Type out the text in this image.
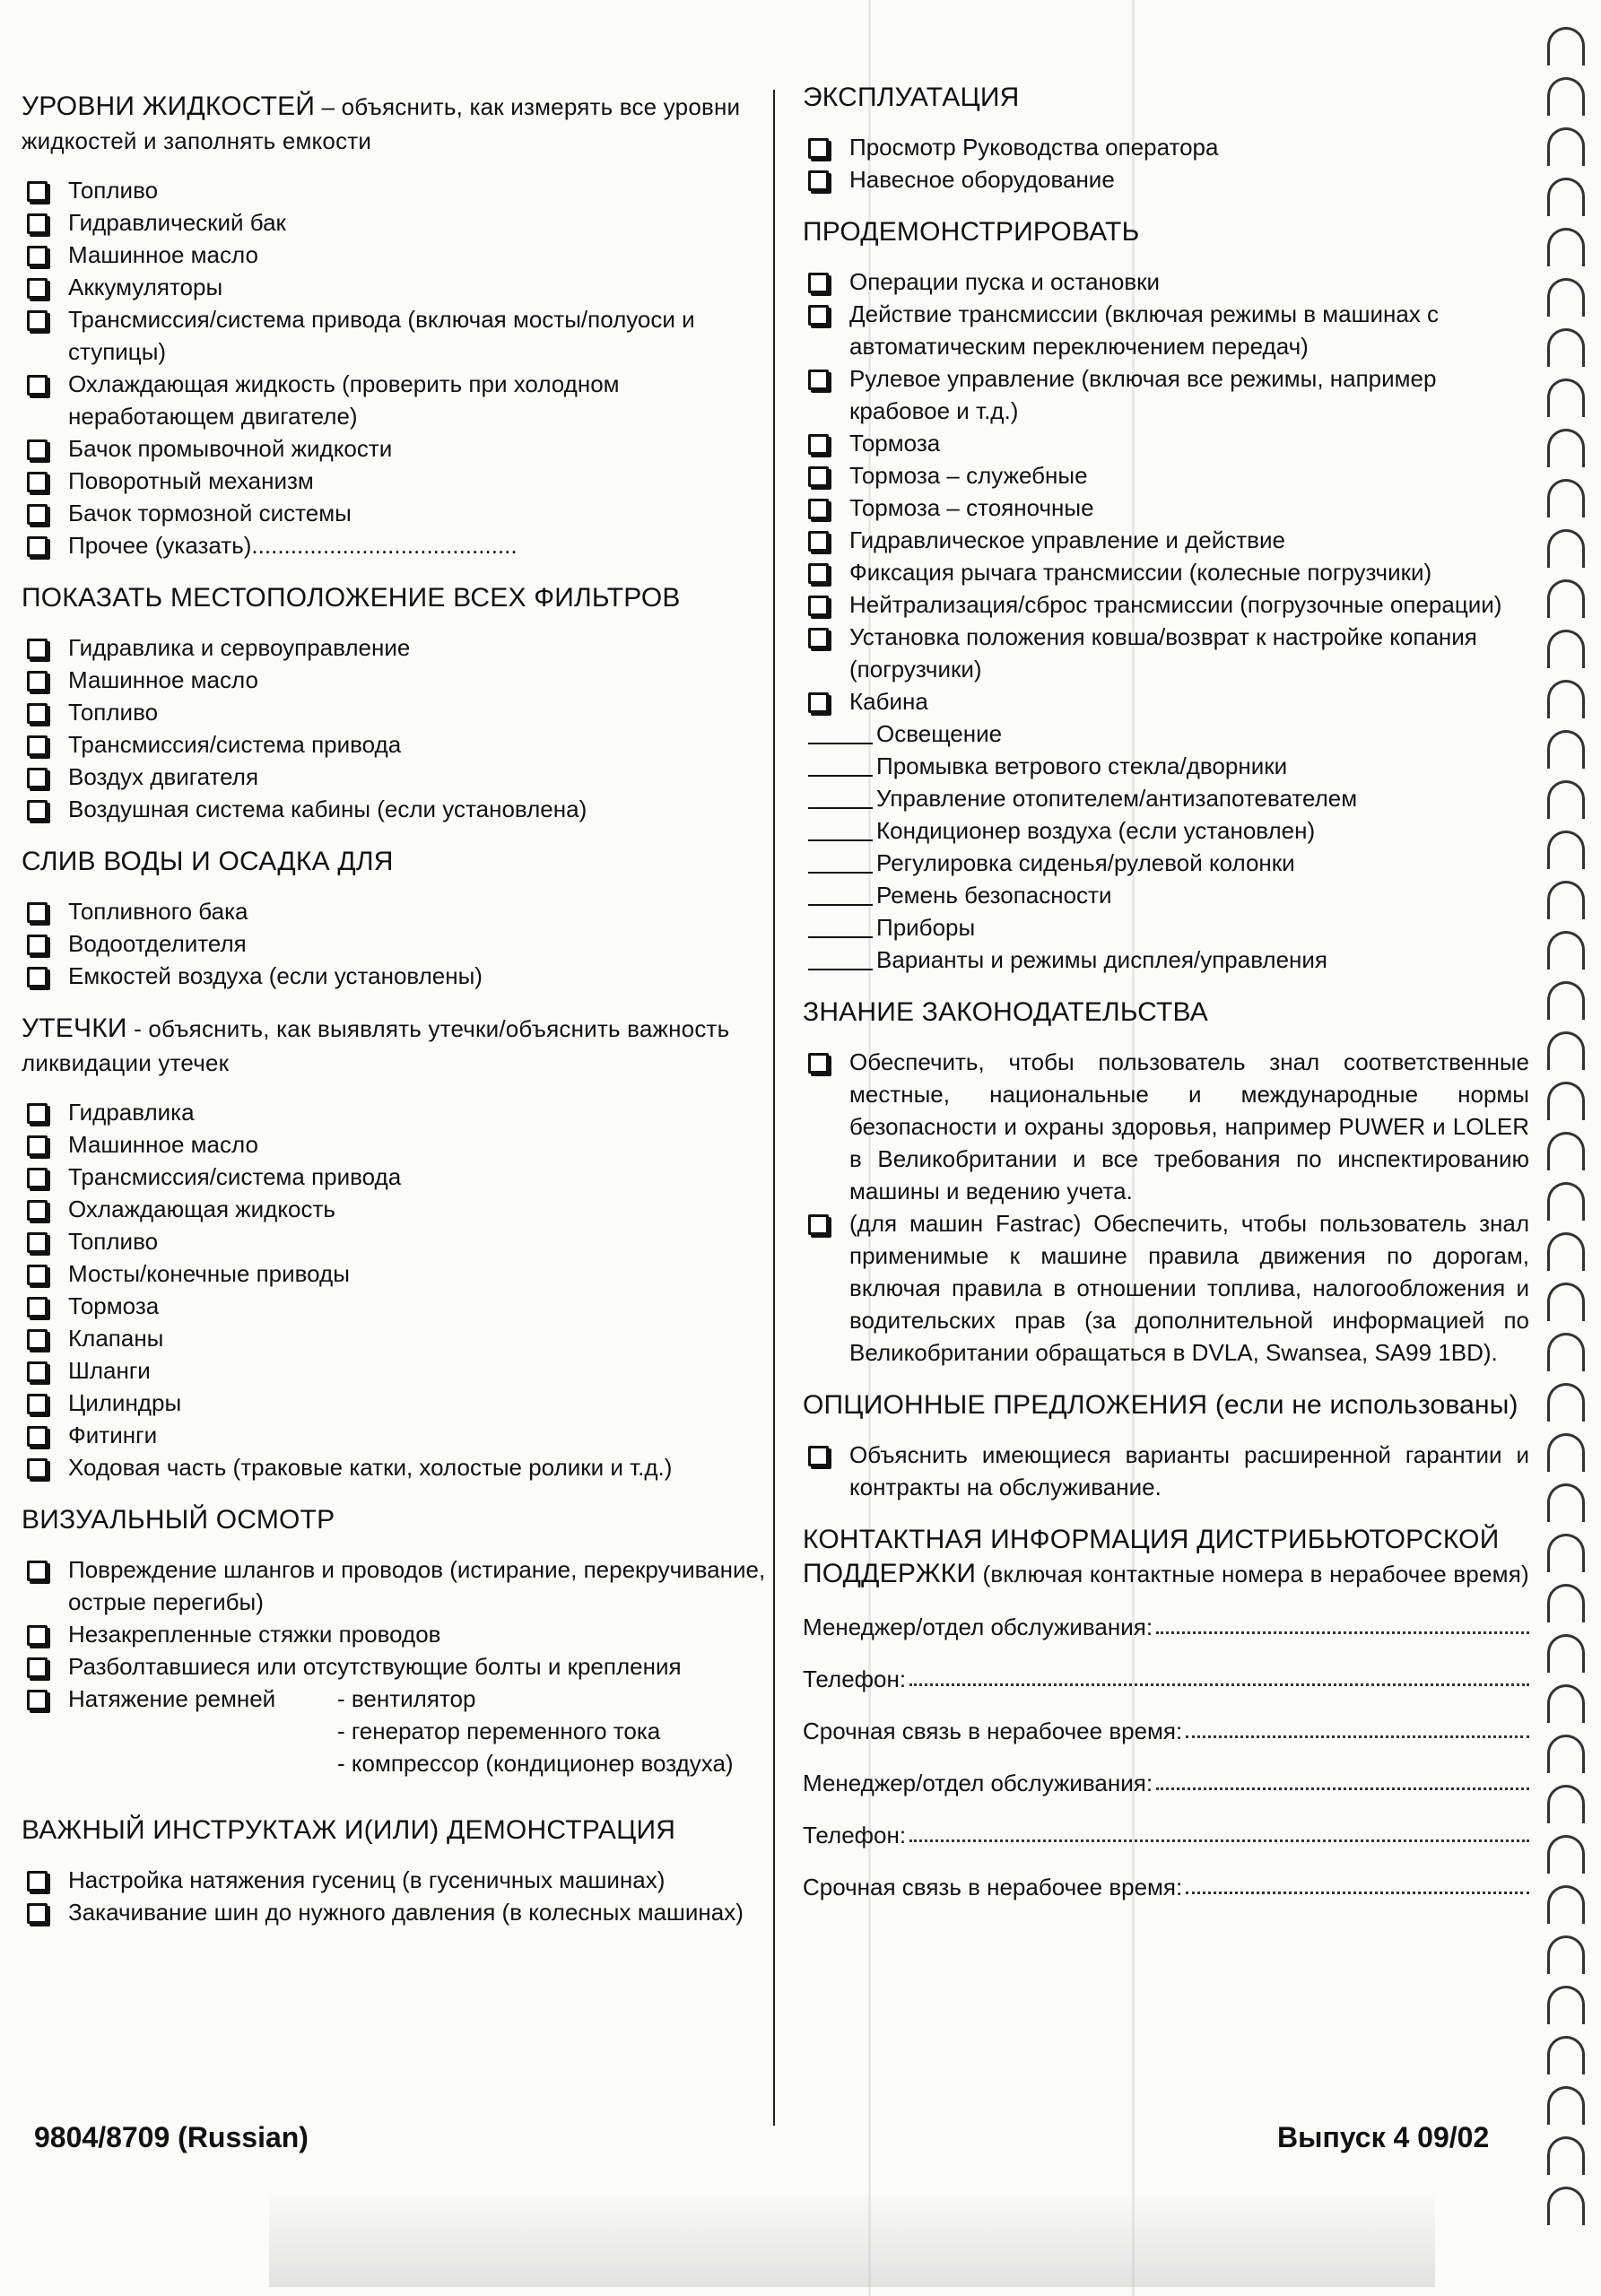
УРОВНИ ЖИДКОСТЕЙ – объяснить, как измерять все уровни жидкостей и заполнять емкости

Топливо
Гидравлический бак
Машинное масло
Аккумуляторы
Трансмиссия/система привода (включая мосты/полуоси и ступицы)
Охлаждающая жидкость (проверить при холодном неработающем двигателе)
Бачок промывочной жидкости
Поворотный механизм
Бачок тормозной системы
Прочее (указать).........................................

ПОКАЗАТЬ МЕСТОПОЛОЖЕНИЕ ВСЕХ ФИЛЬТРОВ

Гидравлика и сервоуправление
Машинное масло
Топливо
Трансмиссия/система привода
Воздух двигателя
Воздушная система кабины (если установлена)

СЛИВ ВОДЫ И ОСАДКА ДЛЯ

Топливного бака
Водоотделителя
Емкостей воздуха (если установлены)

УТЕЧКИ - объяснить, как выявлять утечки/объяснить важность ликвидации утечек

Гидравлика
Машинное масло
Трансмиссия/система привода
Охлаждающая жидкость
Топливо
Мосты/конечные приводы
Тормоза
Клапаны
Шланги
Цилиндры
Фитинги
Ходовая часть (траковые катки, холостые ролики и т.д.)

ВИЗУАЛЬНЫЙ ОСМОТР

Повреждение шлангов и проводов (истирание, перекручивание, острые перегибы)
Незакрепленные стяжки проводов
Разболтавшиеся или отсутствующие болты и крепления
Натяжение ремней	- вентилятор
- генератор переменного тока
- компрессор (кондиционер воздуха)

ВАЖНЫЙ ИНСТРУКТАЖ И(ИЛИ) ДЕМОНСТРАЦИЯ

Настройка натяжения гусениц (в гусеничных машинах)
Закачивание шин до нужного давления (в колесных машинах)

ЭКСПЛУАТАЦИЯ

Просмотр Руководства оператора
Навесное оборудование

ПРОДЕМОНСТРИРОВАТЬ

Операции пуска и остановки
Действие трансмиссии (включая режимы в машинах с автоматическим переключением передач)
Рулевое управление (включая все режимы, например крабовое и т.д.)
Тормоза
Тормоза – служебные
Тормоза – стояночные
Гидравлическое управление и действие
Фиксация рычага трансмиссии (колесные погрузчики)
Нейтрализация/сброс трансмиссии (погрузочные операции)
Установка положения ковша/возврат к настройке копания (погрузчики)
Кабина
Освещение
Промывка ветрового стекла/дворники
Управление отопителем/антизапотевателем
Кондиционер воздуха (если установлен)
Регулировка сиденья/рулевой колонки
Ремень безопасности
Приборы
Варианты и режимы дисплея/управления

ЗНАНИЕ ЗАКОНОДАТЕЛЬСТВА

Обеспечить, чтобы пользователь знал соответственные местные, национальные и международные нормы безопасности и охраны здоровья, например PUWER и LOLER в Великобритании и все требования по инспектированию машины и ведению учета.
(для машин Fastrac) Обеспечить, чтобы пользователь знал применимые к машине правила движения по дорогам, включая правила в отношении топлива, налогообложения и водительских прав (за дополнительной информацией по Великобритании обращаться в DVLA, Swansea, SA99 1BD).

ОПЦИОННЫЕ ПРЕДЛОЖЕНИЯ (если не использованы)

Объяснить имеющиеся варианты расширенной гарантии и контракты на обслуживание.

КОНТАКТНАЯ ИНФОРМАЦИЯ ДИСТРИБЬЮТОРСКОЙ ПОДДЕРЖКИ (включая контактные номера в нерабочее время)

Менеджер/отдел обслуживания:
Телефон:
Срочная связь в нерабочее время:
Менеджер/отдел обслуживания:
Телефон:
Срочная связь в нерабочее время:
9804/8709 (Russian)	Выпуск 4 09/02
